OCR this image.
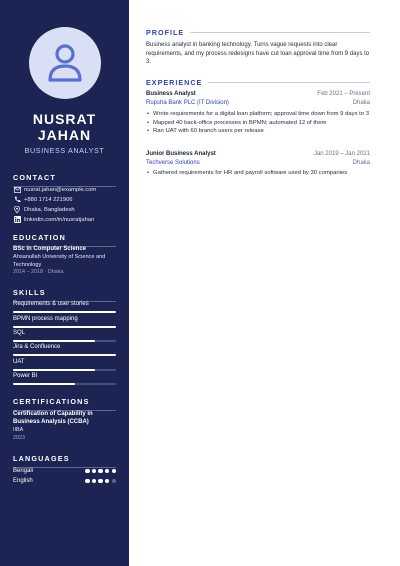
NUSRAT
JAHAN
BUSINESS ANALYST
CONTACT
nusrat.jahan@example.com
+880 1714 221906
Dhaka, Bangladesh
linkedin.com/in/nusratjahan
EDUCATION
BSc in Computer Science
Ahsanullah University of Science and Technology
2014 – 2018 · Dhaka
SKILLS
Requirements & user stories
BPMN process mapping
SQL
Jira & Confluence
UAT
Power BI
CERTIFICATIONS
Certification of Capability in Business Analysis (CCBA)
IIBA
2023
LANGUAGES
Bengali
English
PROFILE
Business analyst in banking technology. Turns vague requests into clear requirements, and my process redesigns have cut loan approval time from 9 days to 3.
EXPERIENCE
Business Analyst	Feb 2021 – Present
Rupsha Bank PLC (IT Division)	Dhaka
• Wrote requirements for a digital loan platform; approval time down from 9 days to 3
• Mapped 40 back-office processes in BPMN; automated 12 of them
• Ran UAT with 60 branch users per release
Junior Business Analyst	Jan 2019 – Jan 2021
Techverse Solutions	Dhaka
• Gathered requirements for HR and payroll software used by 30 companies
